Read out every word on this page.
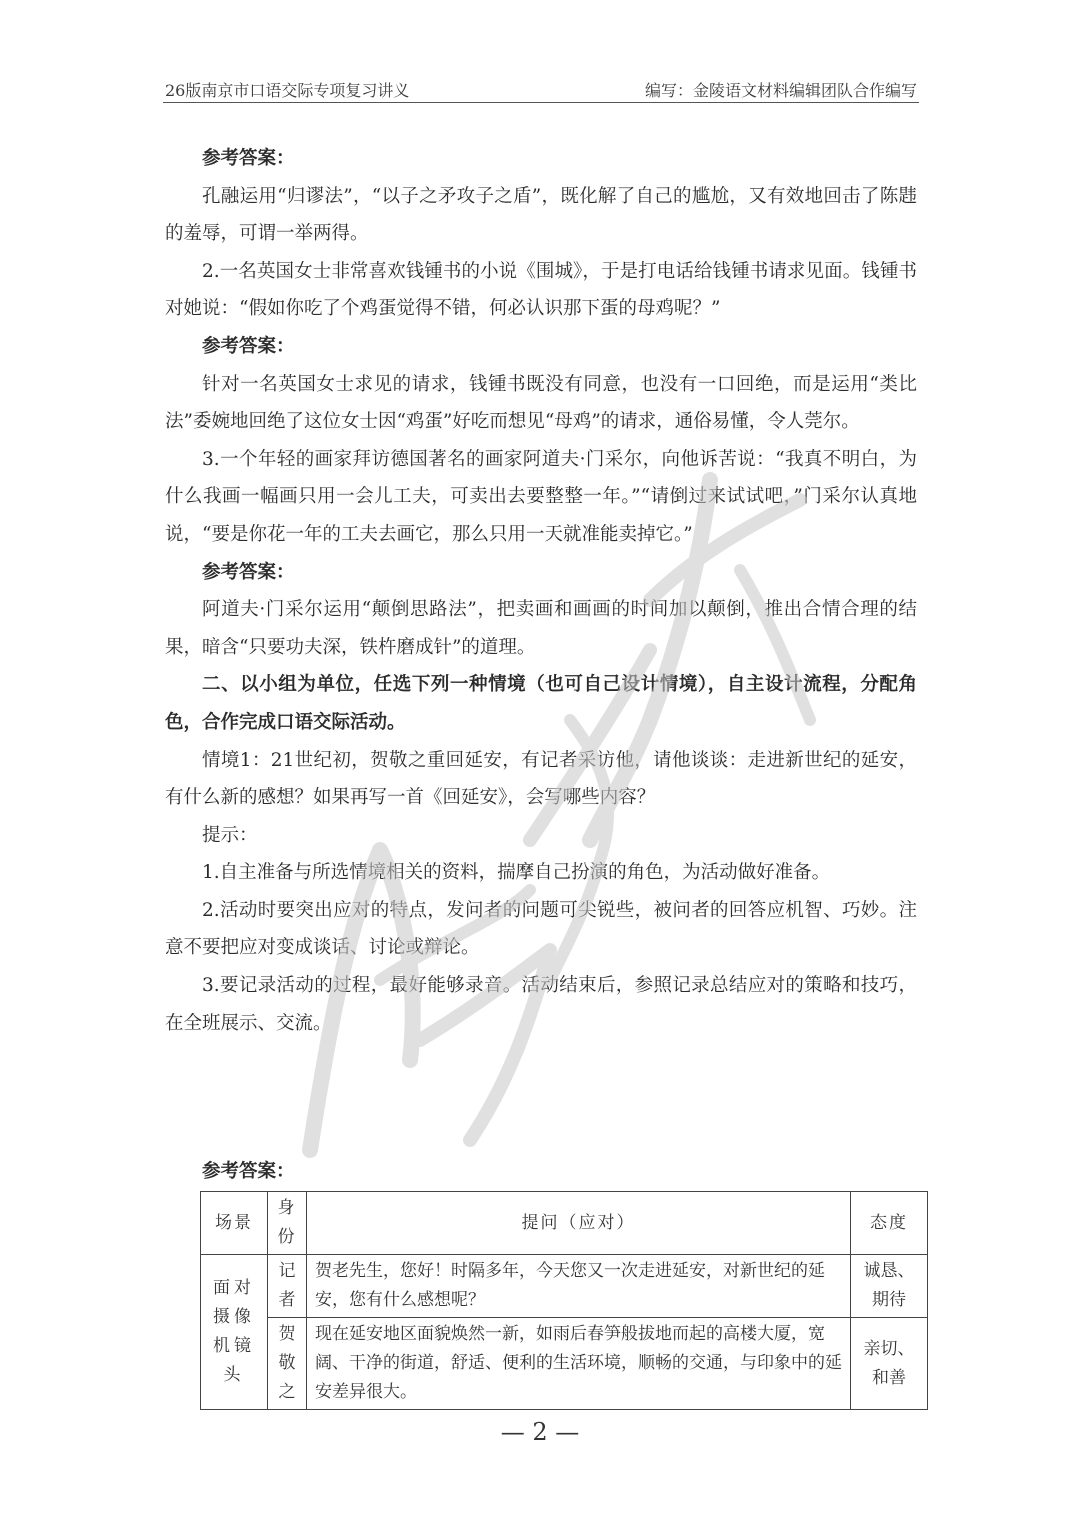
26版南京市口语交际专项复习讲义	编写：金陵语文材料编辑团队合作编写

参考答案：

孔融运用“归谬法”，“以子之矛攻子之盾”，既化解了自己的尴尬，又有效地回击了陈韪的羞辱，可谓一举两得。

2.一名英国女士非常喜欢钱锺书的小说《围城》，于是打电话给钱锺书请求见面。钱锺书对她说：“假如你吃了个鸡蛋觉得不错，何必认识那下蛋的母鸡呢？”

参考答案：

针对一名英国女士求见的请求，钱锺书既没有同意，也没有一口回绝，而是运用“类比法”委婉地回绝了这位女士因“鸡蛋”好吃而想见“母鸡”的请求，通俗易懂，令人莞尔。

3.一个年轻的画家拜访德国著名的画家阿道夫·门采尔，向他诉苦说：“我真不明白，为什么我画一幅画只用一会儿工夫，可卖出去要整整一年。”“请倒过来试试吧，”门采尔认真地说，“要是你花一年的工夫去画它，那么只用一天就准能卖掉它。”

参考答案：

阿道夫·门采尔运用“颠倒思路法”，把卖画和画画的时间加以颠倒，推出合情合理的结果，暗含“只要功夫深，铁杵磨成针”的道理。

二、以小组为单位，任选下列一种情境（也可自己设计情境），自主设计流程，分配角色，合作完成口语交际活动。

情境1：21世纪初，贺敬之重回延安，有记者采访他，请他谈谈：走进新世纪的延安，有什么新的感想？如果再写一首《回延安》，会写哪些内容？

提示：

1.自主准备与所选情境相关的资料，揣摩自己扮演的角色，为活动做好准备。

2.活动时要突出应对的特点，发问者的问题可尖锐些，被问者的回答应机智、巧妙。注意不要把应对变成谈话、讨论或辩论。

3.要记录活动的过程，最好能够录音。活动结束后，参照记录总结应对的策略和技巧，在全班展示、交流。

参考答案：
场景	身份	提问（应对）	态度
面对摄像机镜头	记者	贺老先生，您好！时隔多年，今天您又一次走进延安，对新世纪的延安，您有什么感想呢？	诚恳、期待
	贺敬之	现在延安地区面貌焕然一新，如雨后春笋般拔地而起的高楼大厦，宽阔、干净的街道，舒适、便利的生活环境，顺畅的交通，与印象中的延安差异很大。	亲切、和善
— 2 —
